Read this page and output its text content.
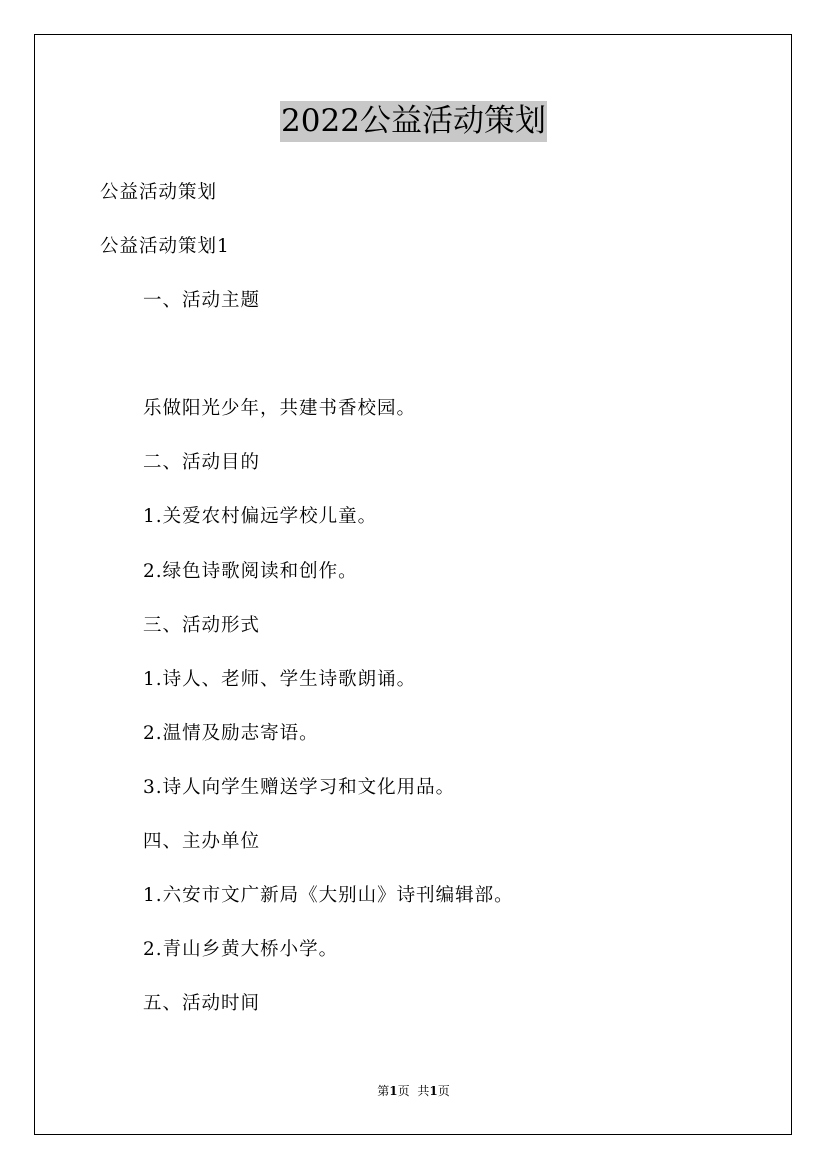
2022公益活动策划
公益活动策划
公益活动策划1
一、活动主题
乐做阳光少年，共建书香校园。
二、活动目的
1.关爱农村偏远学校儿童。
2.绿色诗歌阅读和创作。
三、活动形式
1.诗人、老师、学生诗歌朗诵。
2.温情及励志寄语。
3.诗人向学生赠送学习和文化用品。
四、主办单位
1.六安市文广新局《大别山》诗刊编辑部。
2.青山乡黄大桥小学。
五、活动时间
第1页 共1页
